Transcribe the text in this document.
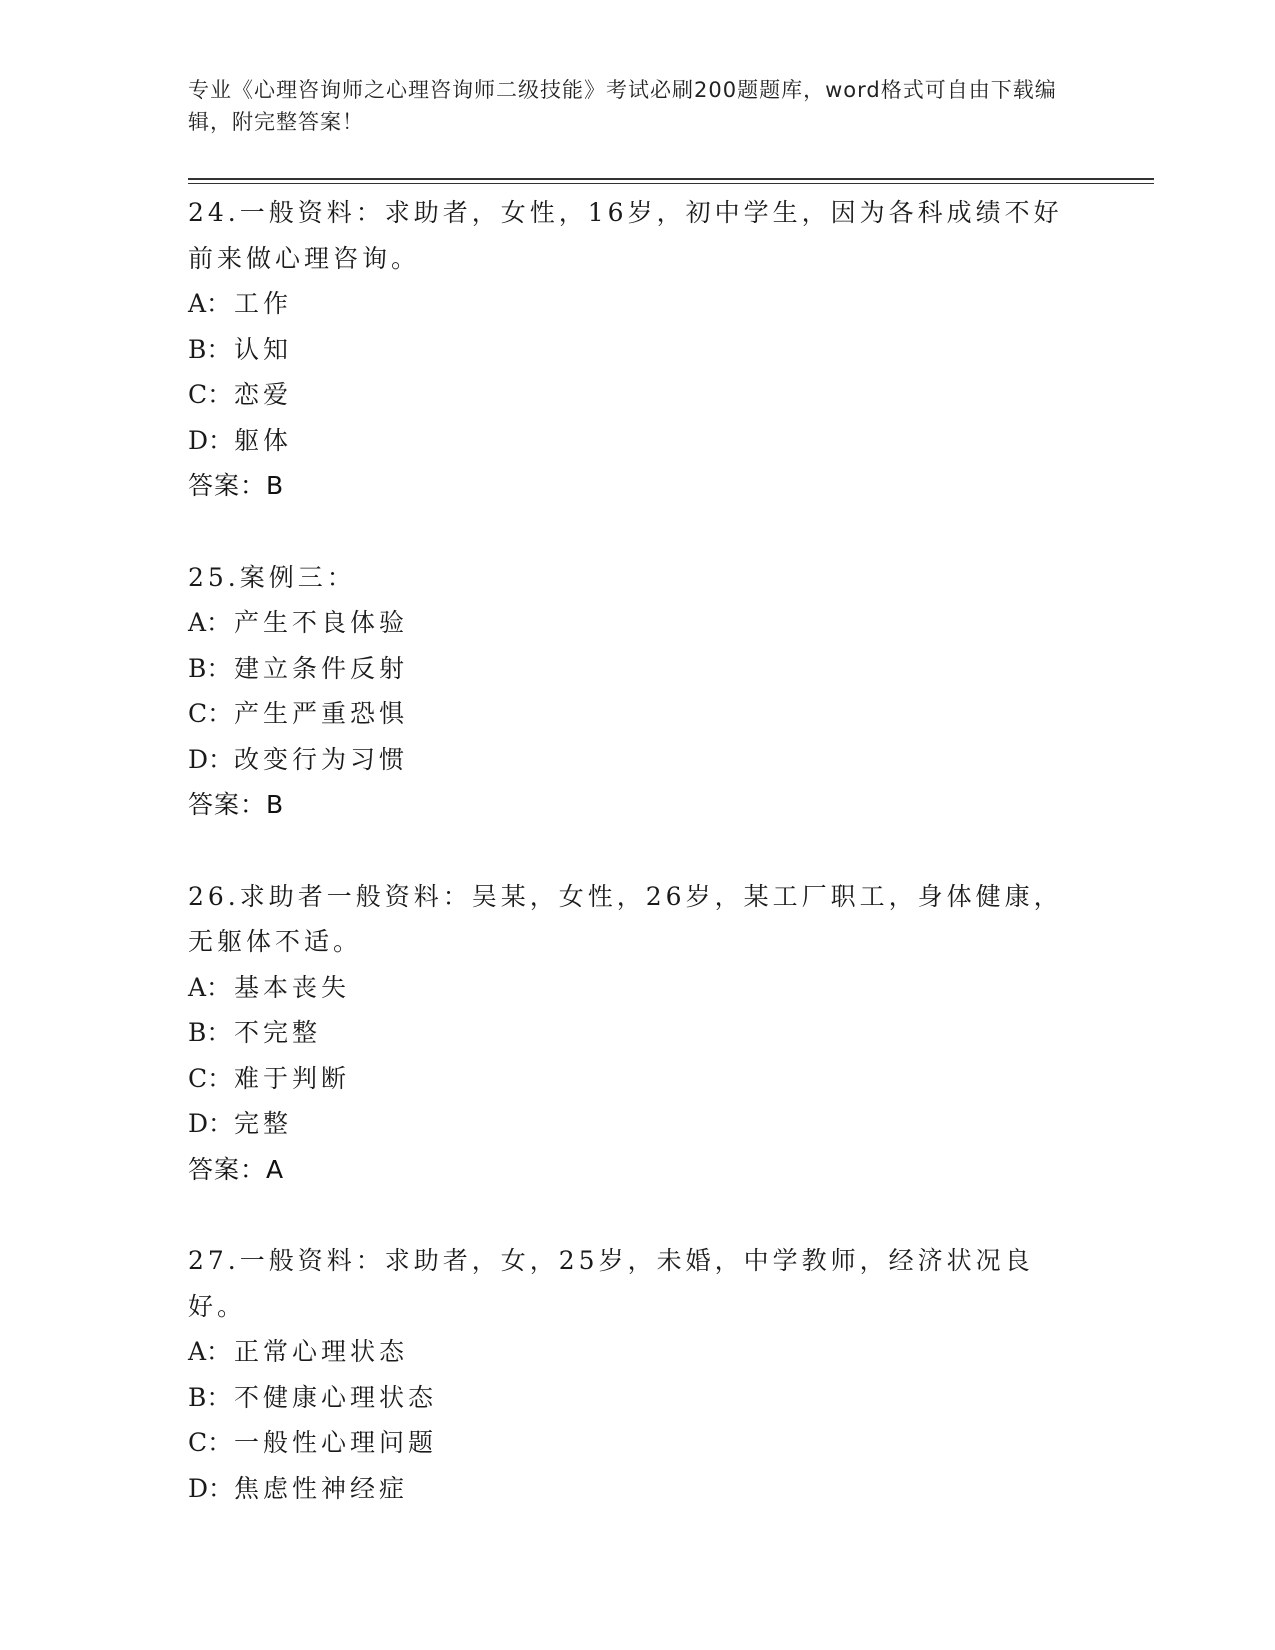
专业《心理咨询师之心理咨询师二级技能》考试必刷200题题库，word格式可自由下载编辑，附完整答案！
24.一般资料：求助者，女性，16岁，初中学生，因为各科成绩不好前来做心理咨询。
A： 工作
B： 认知
C：恋爱
D：躯体
答案：B
25.案例三：
A： 产生不良体验
B： 建立条件反射
C：产生严重恐惧
D：改变行为习惯
答案：B
26.求助者一般资料：吴某，女性，26岁，某工厂职工，身体健康，无躯体不适。
A： 基本丧失
B： 不完整
C：难于判断
D：完整
答案：A
27.一般资料：求助者，女，25岁，未婚，中学教师，经济状况良好。
A： 正常心理状态
B： 不健康心理状态
C：一般性心理问题
D：焦虑性神经症
